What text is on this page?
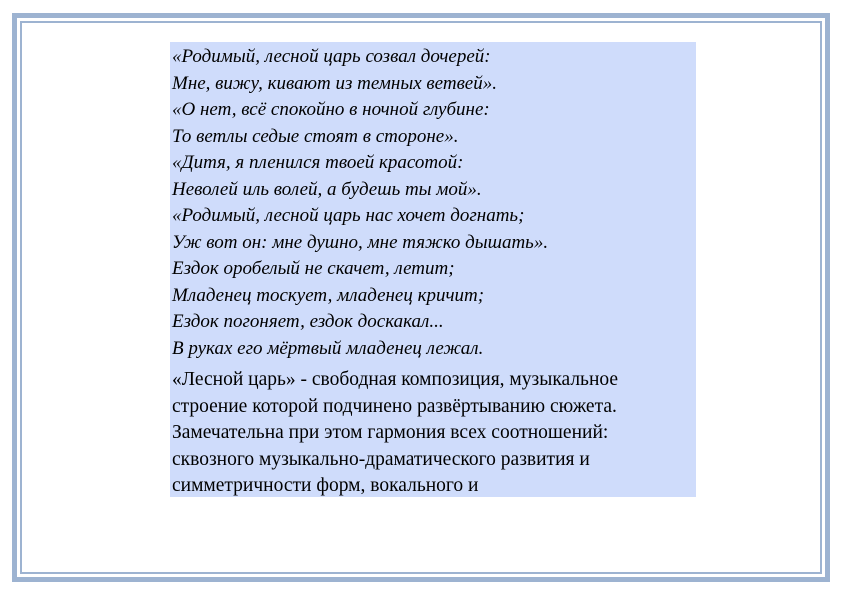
«Родимый, лесной царь созвал дочерей:
Мне, вижу, кивают из темных ветвей».
«О нет, всё спокойно в ночной глубине:
То ветлы седые стоят в стороне».
«Дитя, я пленился твоей красотой:
Неволей иль волей, а будешь ты мой».
«Родимый, лесной царь нас хочет догнать;
Уж вот он: мне душно, мне тяжко дышать».
Ездок оробелый не скачет, летит;
Младенец тоскует, младенец кричит;
Ездок погоняет, ездок доскакал...
В руках его мёртвый младенец лежал.
«Лесной царь» - свободная композиция, музыкальное
строение которой подчинено развёртыванию сюжета.
Замечательна при этом гармония всех соотношений:
сквозного музыкально-драматического развития и
симметричности форм, вокального и
